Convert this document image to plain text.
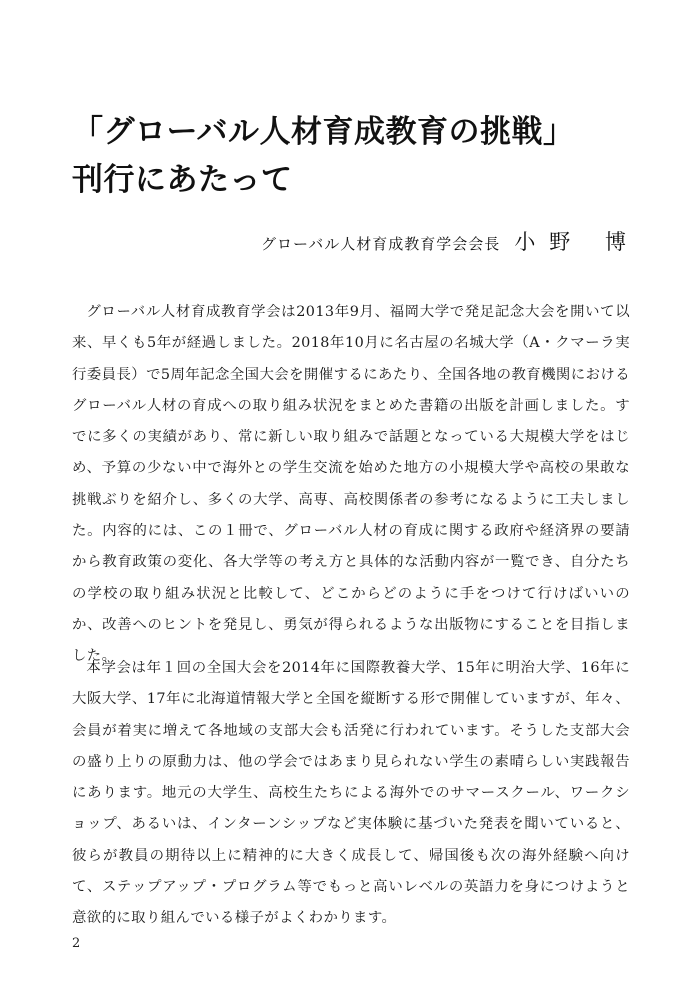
「グローバル人材育成教育の挑戦」
刊行にあたって
グローバル人材育成教育学会会長 小野 博

グローバル人材育成教育学会は2013年9月、福岡大学で発足記念大会を開いて以来、早くも5年が経過しました。2018年10月に名古屋の名城大学（A・クマーラ実行委員長）で5周年記念全国大会を開催するにあたり、全国各地の教育機関におけるグローバル人材の育成への取り組み状況をまとめた書籍の出版を計画しました。すでに多くの実績があり、常に新しい取り組みで話題となっている大規模大学をはじめ、予算の少ない中で海外との学生交流を始めた地方の小規模大学や高校の果敢な挑戦ぶりを紹介し、多くの大学、高専、高校関係者の参考になるように工夫しました。内容的には、この１冊で、グローバル人材の育成に関する政府や経済界の要請から教育政策の変化、各大学等の考え方と具体的な活動内容が一覧でき、自分たちの学校の取り組み状況と比較して、どこからどのように手をつけて行けばいいのか、改善へのヒントを発見し、勇気が得られるような出版物にすることを目指しました。

本学会は年１回の全国大会を2014年に国際教養大学、15年に明治大学、16年に大阪大学、17年に北海道情報大学と全国を縦断する形で開催していますが、年々、会員が着実に増えて各地域の支部大会も活発に行われています。そうした支部大会の盛り上りの原動力は、他の学会ではあまり見られない学生の素晴らしい実践報告にあります。地元の大学生、高校生たちによる海外でのサマースクール、ワークショップ、あるいは、インターンシップなど実体験に基づいた発表を聞いていると、彼らが教員の期待以上に精神的に大きく成長して、帰国後も次の海外経験へ向けて、ステップアップ・プログラム等でもっと高いレベルの英語力を身につけようと意欲的に取り組んでいる様子がよくわかります。

2
